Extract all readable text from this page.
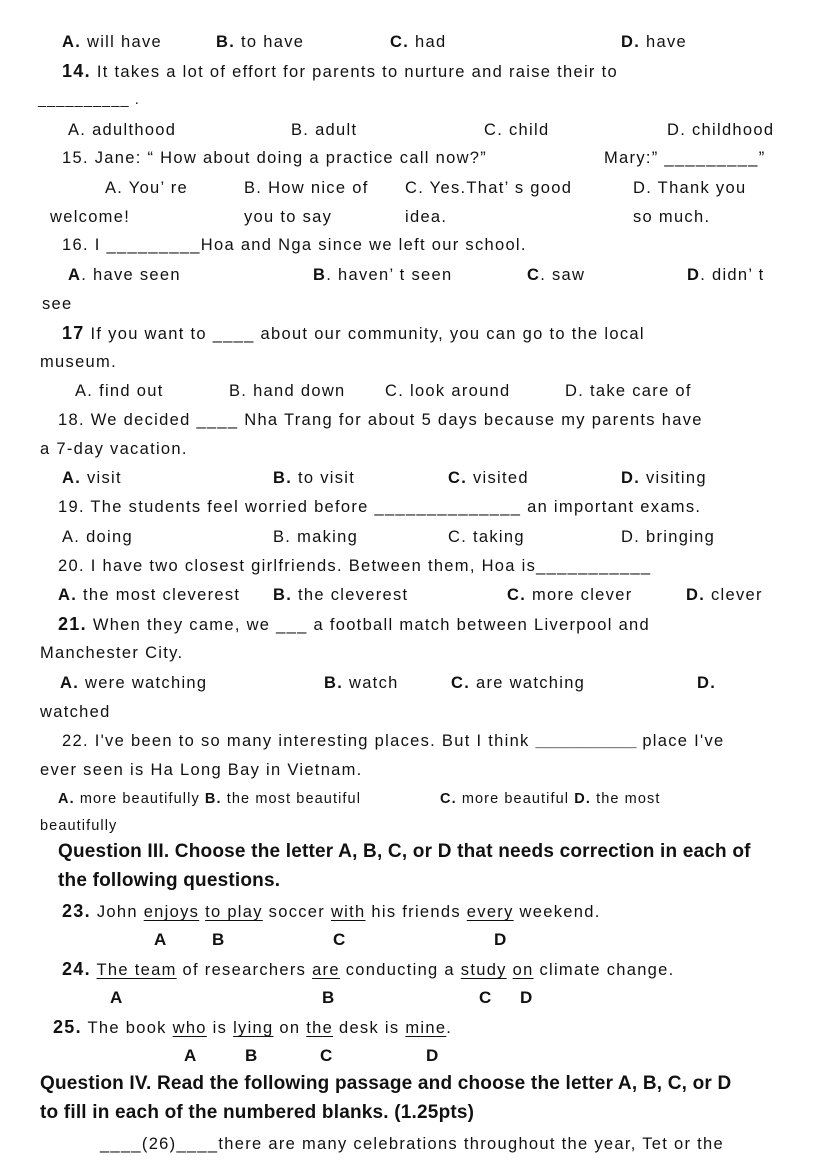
A. will have	B. to have	C. had	D. have
14. It takes a lot of effort for parents to nurture and raise their to
__________ .
A. adulthood	B. adult	C. child	D. childhood
15. Jane: “ How about doing a practice call now?”	Mary:” _________”
A. You’ re
welcome!
B. How nice of
you to say
C. Yes.That’ s good
idea.
D. Thank you
so much.
16. I _________Hoa and Nga since we left our school.
A. have seen	B. haven’ t seen	C. saw	D. didn’ t
see
17 If you want to ____ about our community, you can go to the local
museum.
A. find out	B. hand down C. look around	D. take care of
18. We decided ____ Nha Trang for about 5 days because my parents have
a 7-day vacation.
A. visit	B. to visit	C. visited	D. visiting
19. The students feel worried before ______________ an important exams.
A. doing	B. making	C. taking	D. bringing
20. I have two closest girlfriends. Between them, Hoa is___________
A. the most cleverest B. the cleverest	C. more clever	D. clever
21. When they came, we ___ a football match between Liverpool and
Manchester City.
A. were watching	B. watch	C. are watching	D.
watched
22. I've been to so many interesting places. But I think ___________ place I've
ever seen is Ha Long Bay in Vietnam.
A. more beautifully B. the most beautiful	C. more beautiful D. the most
beautifully
Question III. Choose the letter A, B, C, or D that needs correction in each of
the following questions.
23. John enjoys to play soccer with his friends every weekend.
A	B	C	D
24. The team of researchers are conducting a study on climate change.
A	B	C D
25. The book who is lying on the desk is mine.
A	B	C	D
Question IV. Read the following passage and choose the letter A, B, C, or D
to fill in each of the numbered blanks. (1.25pts)
____(26)____there are many celebrations throughout the year, Tet or the
